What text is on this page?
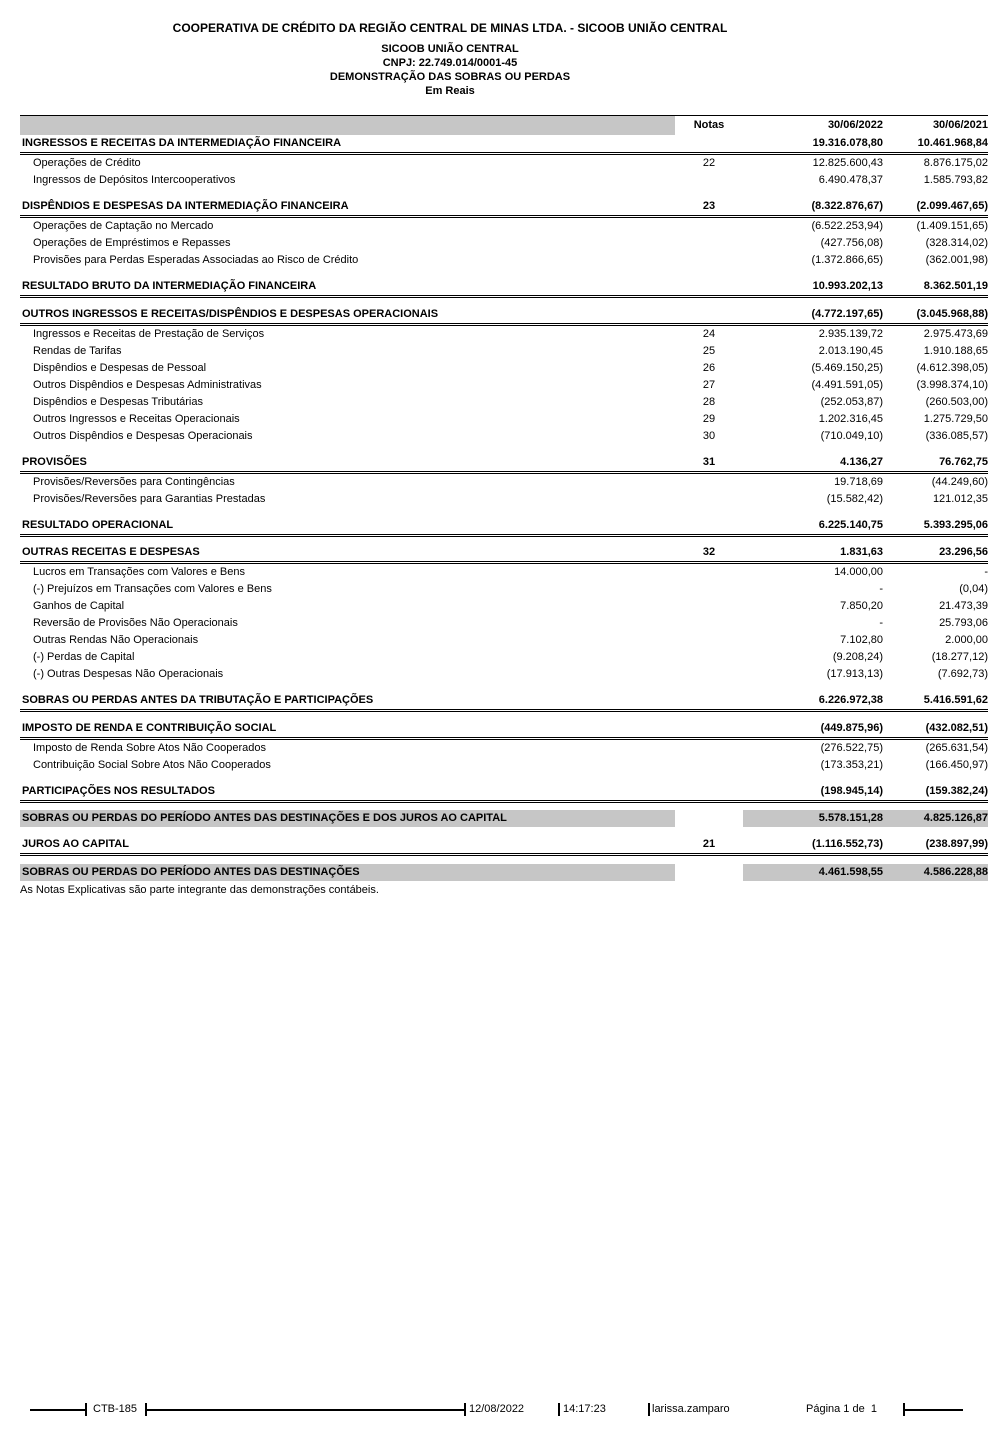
COOPERATIVA DE CRÉDITO DA REGIÃO CENTRAL DE MINAS LTDA. - SICOOB UNIÃO CENTRAL
SICOOB UNIÃO CENTRAL
CNPJ: 22.749.014/0001-45
DEMONSTRAÇÃO DAS SOBRAS OU PERDAS
Em Reais
	Notas	30/06/2022	30/06/2021
INGRESSOS E RECEITAS DA INTERMEDIAÇÃO FINANCEIRA		19.316.078,80	10.461.968,84
Operações de Crédito	22	12.825.600,43	8.876.175,02
Ingressos de Depósitos Intercooperativos		6.490.478,37	1.585.793,82

DISPÊNDIOS E DESPESAS DA INTERMEDIAÇÃO FINANCEIRA	23	(8.322.876,67)	(2.099.467,65)
Operações de Captação no Mercado		(6.522.253,94)	(1.409.151,65)
Operações de Empréstimos e Repasses		(427.756,08)	(328.314,02)
Provisões para Perdas Esperadas Associadas ao Risco de Crédito		(1.372.866,65)	(362.001,98)

RESULTADO BRUTO DA INTERMEDIAÇÃO FINANCEIRA		10.993.202,13	8.362.501,19

OUTROS INGRESSOS E RECEITAS/DISPÊNDIOS E DESPESAS OPERACIONAIS		(4.772.197,65)	(3.045.968,88)
Ingressos e Receitas de Prestação de Serviços	24	2.935.139,72	2.975.473,69
Rendas de Tarifas	25	2.013.190,45	1.910.188,65
Dispêndios e Despesas de Pessoal	26	(5.469.150,25)	(4.612.398,05)
Outros Dispêndios e Despesas Administrativas	27	(4.491.591,05)	(3.998.374,10)
Dispêndios e Despesas Tributárias	28	(252.053,87)	(260.503,00)
Outros Ingressos e Receitas Operacionais	29	1.202.316,45	1.275.729,50
Outros Dispêndios e Despesas Operacionais	30	(710.049,10)	(336.085,57)

PROVISÕES	31	4.136,27	76.762,75
Provisões/Reversões para Contingências		19.718,69	(44.249,60)
Provisões/Reversões para Garantias Prestadas		(15.582,42)	121.012,35

RESULTADO OPERACIONAL		6.225.140,75	5.393.295,06

OUTRAS RECEITAS E DESPESAS	32	1.831,63	23.296,56
Lucros em Transações com Valores e Bens		14.000,00	-
(-) Prejuízos em Transações com Valores e Bens		-	(0,04)
Ganhos de Capital		7.850,20	21.473,39
Reversão de Provisões Não Operacionais		-	25.793,06
Outras Rendas Não Operacionais		7.102,80	2.000,00
(-) Perdas de Capital		(9.208,24)	(18.277,12)
(-) Outras Despesas Não Operacionais		(17.913,13)	(7.692,73)

SOBRAS OU PERDAS ANTES DA TRIBUTAÇÃO E PARTICIPAÇÕES		6.226.972,38	5.416.591,62

IMPOSTO DE RENDA E CONTRIBUIÇÃO SOCIAL		(449.875,96)	(432.082,51)
Imposto de Renda Sobre Atos Não Cooperados		(276.522,75)	(265.631,54)
Contribuição Social Sobre Atos Não Cooperados		(173.353,21)	(166.450,97)

PARTICIPAÇÕES NOS RESULTADOS		(198.945,14)	(159.382,24)

SOBRAS OU PERDAS DO PERÍODO ANTES DAS DESTINAÇÕES E DOS JUROS AO CAPITAL		5.578.151,28	4.825.126,87

JUROS AO CAPITAL	21	(1.116.552,73)	(238.897,99)

SOBRAS OU PERDAS DO PERÍODO ANTES DAS DESTINAÇÕES		4.461.598,55	4.586.228,88
As Notas Explicativas são parte integrante das demonstrações contábeis.
CTB-185	12/08/2022	14:17:23	larissa.zamparo	Página 1 de  1
